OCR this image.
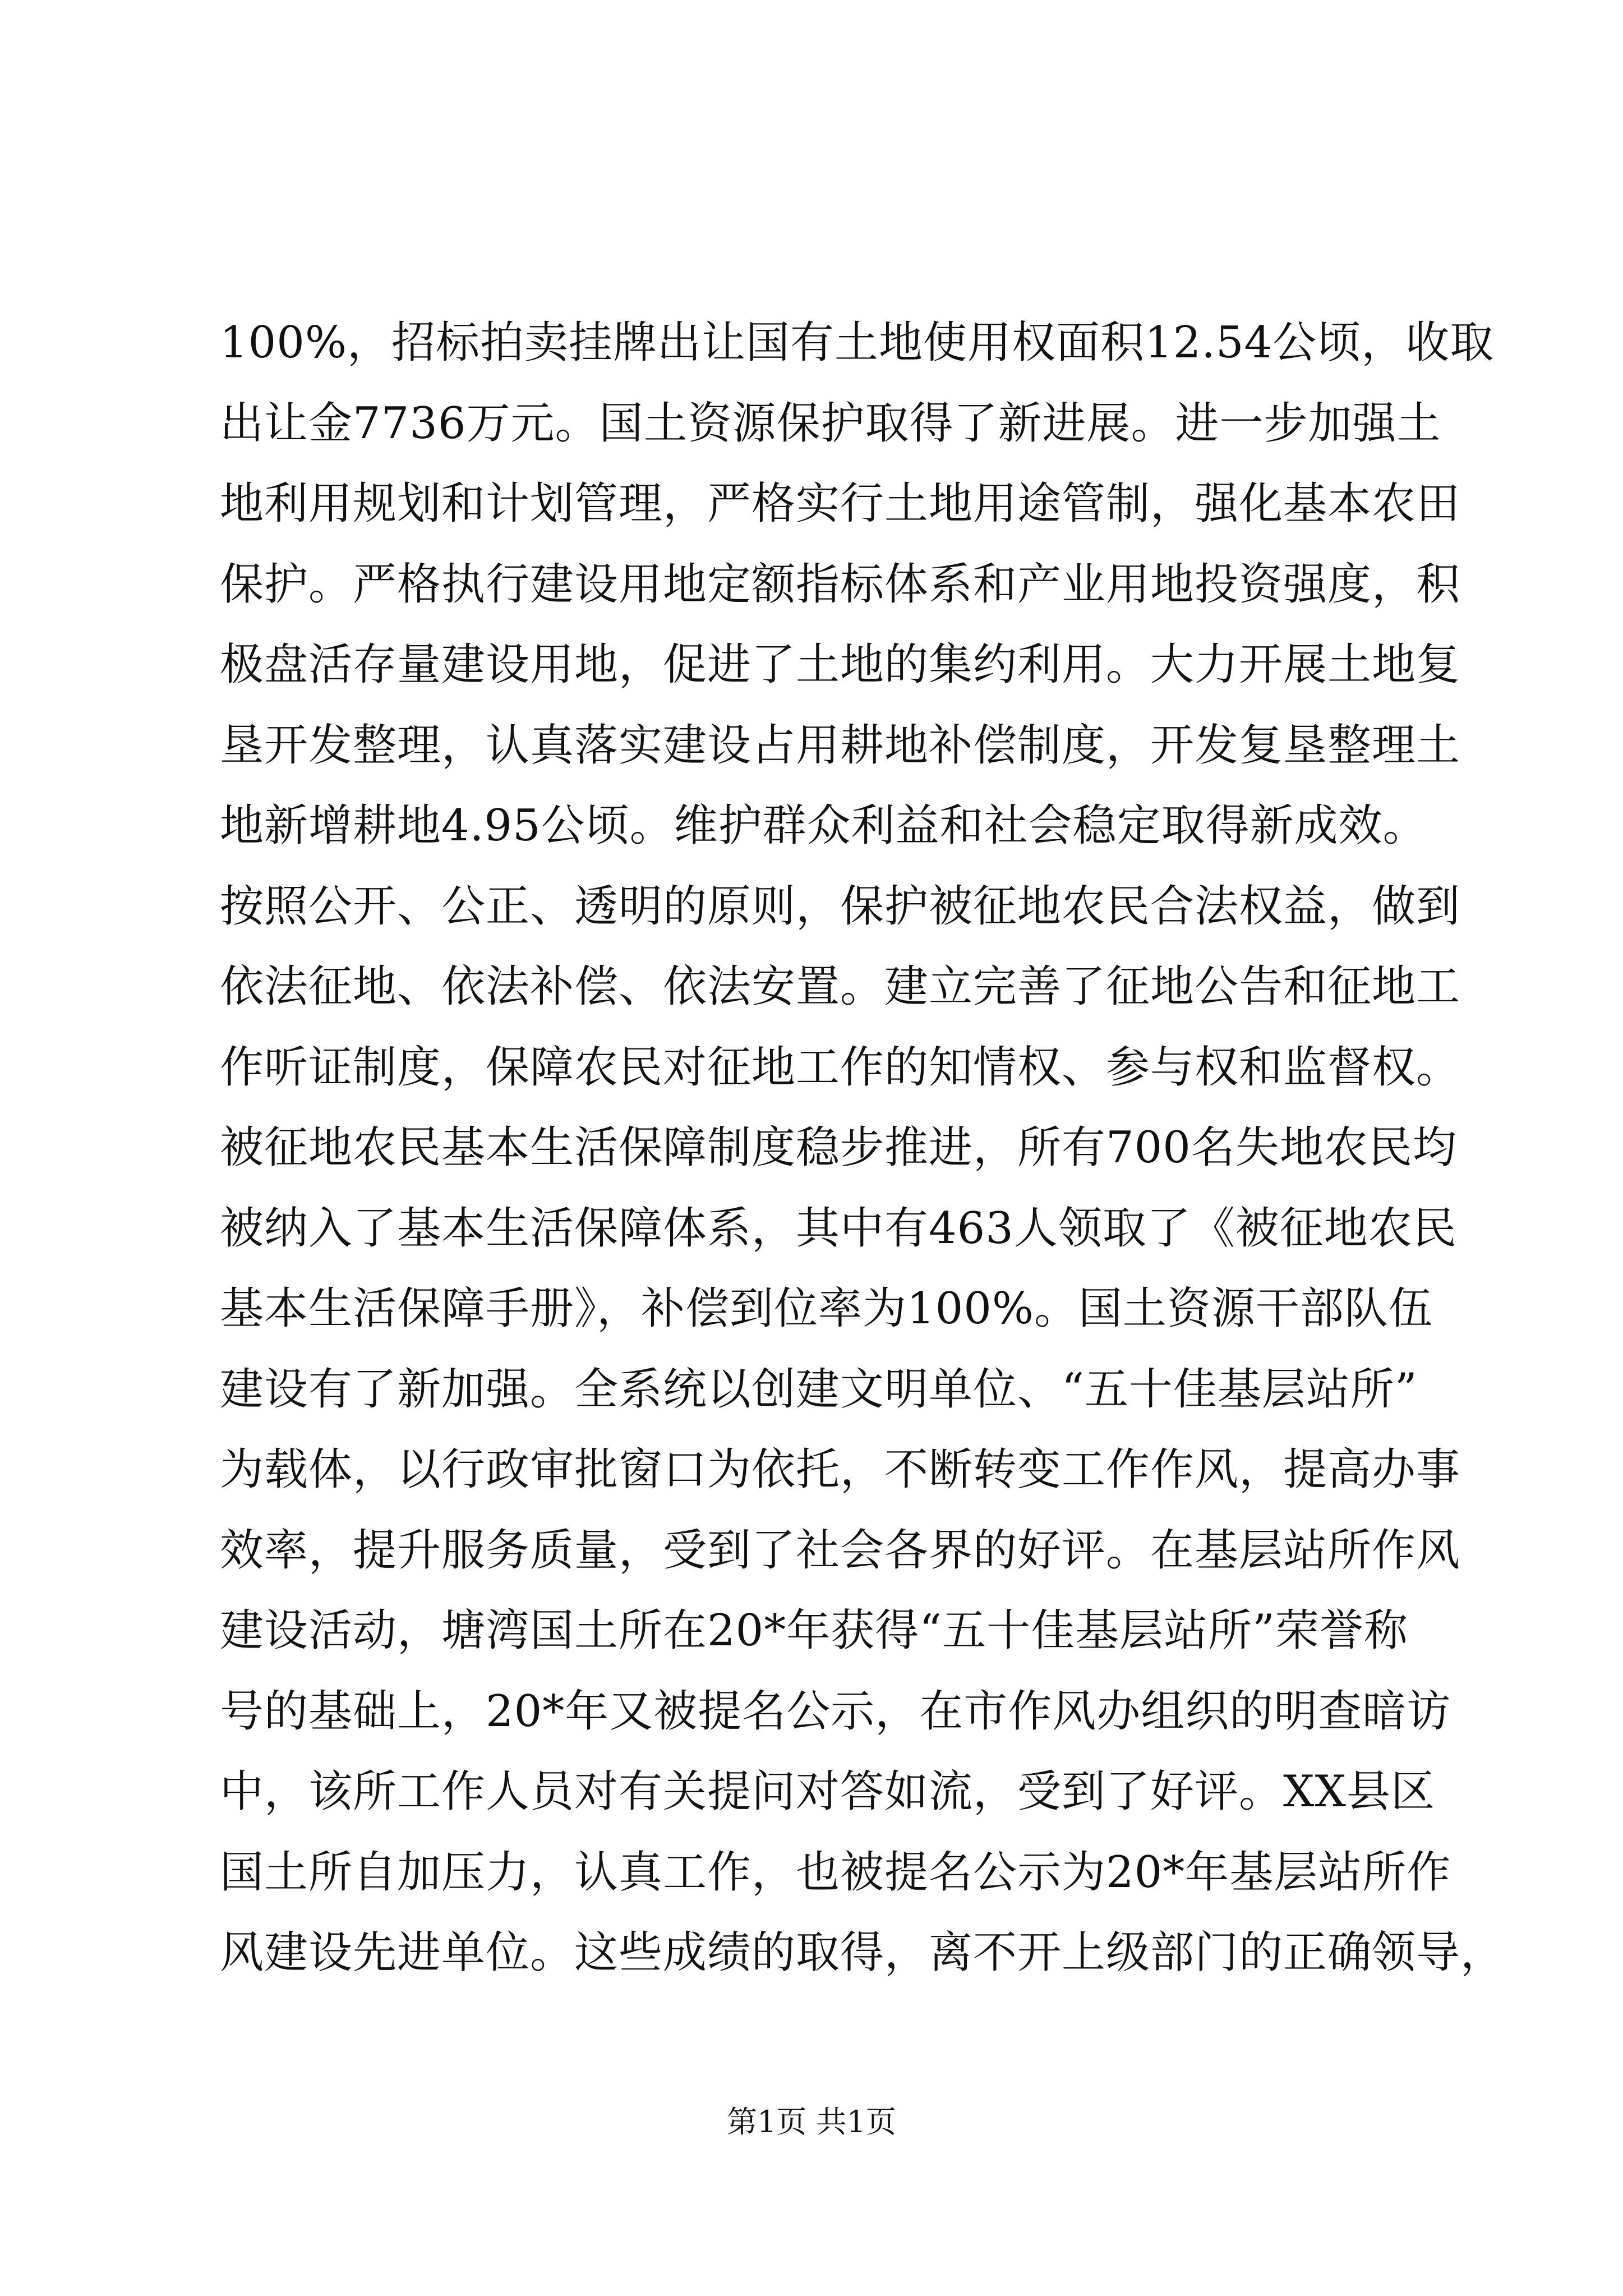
100%，招标拍卖挂牌出让国有土地使用权面积12.54公顷，收取
出让金7736万元。国土资源保护取得了新进展。进一步加强土
地利用规划和计划管理，严格实行土地用途管制，强化基本农田
保护。严格执行建设用地定额指标体系和产业用地投资强度，积
极盘活存量建设用地，促进了土地的集约利用。大力开展土地复
垦开发整理，认真落实建设占用耕地补偿制度，开发复垦整理土
地新增耕地4.95公顷。维护群众利益和社会稳定取得新成效。
按照公开、公正、透明的原则，保护被征地农民合法权益，做到
依法征地、依法补偿、依法安置。建立完善了征地公告和征地工
作听证制度，保障农民对征地工作的知情权、参与权和监督权。
被征地农民基本生活保障制度稳步推进，所有700名失地农民均
被纳入了基本生活保障体系，其中有463人领取了《被征地农民
基本生活保障手册》，补偿到位率为100%。国土资源干部队伍
建设有了新加强。全系统以创建文明单位、“五十佳基层站所”
为载体，以行政审批窗口为依托，不断转变工作作风，提高办事
效率，提升服务质量，受到了社会各界的好评。在基层站所作风
建设活动，塘湾国土所在20*年获得“五十佳基层站所”荣誉称
号的基础上，20*年又被提名公示，在市作风办组织的明查暗访
中，该所工作人员对有关提问对答如流，受到了好评。XX县区
国土所自加压力，认真工作，也被提名公示为20*年基层站所作
风建设先进单位。这些成绩的取得，离不开上级部门的正确领导，
第1页 共1页
